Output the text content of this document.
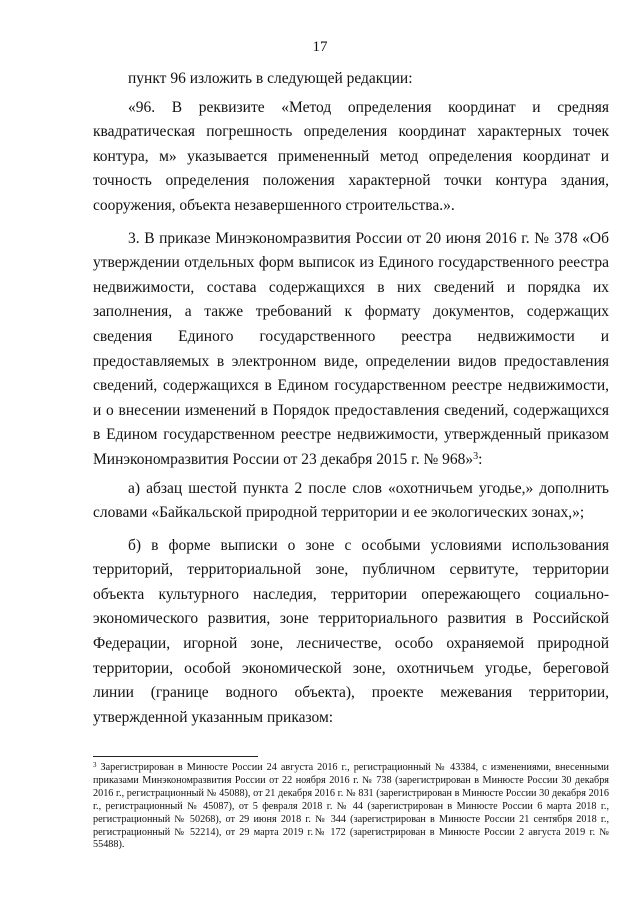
17

пункт 96 изложить в следующей редакции:

«96. В реквизите «Метод определения координат и средняя квадратическая погрешность определения координат характерных точек контура, м» указывается примененный метод определения координат и точность определения положения характерной точки контура здания, сооружения, объекта незавершенного строительства.».

3. В приказе Минэкономразвития России от 20 июня 2016 г. № 378 «Об утверждении отдельных форм выписок из Единого государственного реестра недвижимости, состава содержащихся в них сведений и порядка их заполнения, а также требований к формату документов, содержащих сведения Единого государственного реестра недвижимости и предоставляемых в электронном виде, определении видов предоставления сведений, содержащихся в Едином государственном реестре недвижимости, и о внесении изменений в Порядок предоставления сведений, содержащихся в Едином государственном реестре недвижимости, утвержденный приказом Минэкономразвития России от 23 декабря 2015 г. № 968»$^3$:

а) абзац шестой пункта 2 после слов «охотничьем угодье,» дополнить словами «Байкальской природной территории и ее экологических зонах,»;

б) в форме выписки о зоне с особыми условиями использования территорий, территориальной зоне, публичном сервитуте, территории объекта культурного наследия, территории опережающего социально-экономического развития, зоне территориального развития в Российской Федерации, игорной зоне, лесничестве, особо охраняемой природной территории, особой экономической зоне, охотничьем угодье, береговой линии (границе водного объекта), проекте межевания территории, утвержденной указанным приказом:

$^3$ Зарегистрирован в Минюсте России 24 августа 2016 г., регистрационный № 43384, с изменениями, внесенными приказами Минэкономразвития России от 22 ноября 2016 г. № 738 (зарегистрирован в Минюсте России 30 декабря 2016 г., регистрационный № 45088), от 21 декабря 2016 г. № 831 (зарегистрирован в Минюсте России 30 декабря 2016 г., регистрационный № 45087), от 5 февраля 2018 г. № 44 (зарегистрирован в Минюсте России 6 марта 2018 г., регистрационный № 50268), от 29 июня 2018 г. № 344 (зарегистрирован в Минюсте России 21 сентября 2018 г., регистрационный № 52214), от 29 марта 2019 г.№ 172 (зарегистрирован в Минюсте России 2 августа 2019 г. № 55488).
